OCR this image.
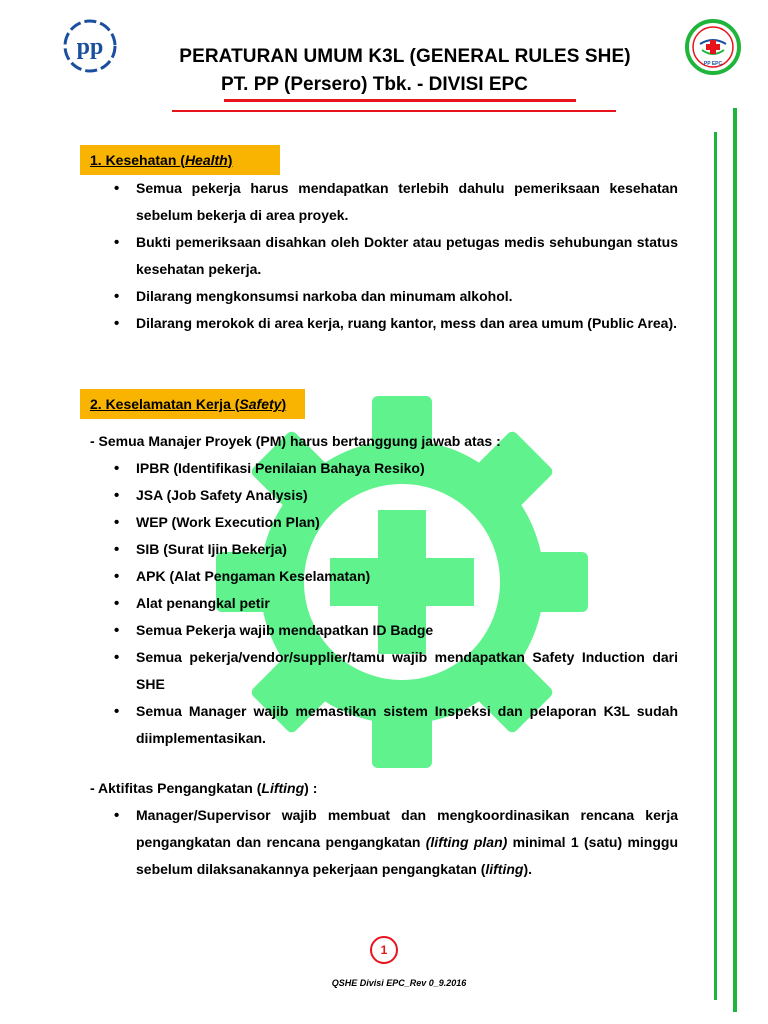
pp
PP EPC
PERATURAN UMUM K3L (GENERAL RULES SHE)
PT. PP (Persero) Tbk. - DIVISI EPC
1. Kesehatan (Health)
• Semua pekerja harus mendapatkan terlebih dahulu pemeriksaan kesehatan sebelum bekerja di area proyek.
• Bukti pemeriksaan disahkan oleh Dokter atau petugas medis sehubungan status kesehatan pekerja.
• Dilarang mengkonsumsi narkoba dan minumam alkohol.
• Dilarang merokok di area kerja, ruang kantor, mess dan area umum (Public Area).
2. Keselamatan Kerja (Safety)
- Semua Manajer Proyek (PM) harus bertanggung jawab atas :
• IPBR (Identifikasi Penilaian Bahaya Resiko)
• JSA (Job Safety Analysis)
• WEP (Work Execution Plan)
• SIB (Surat Ijin Bekerja)
• APK (Alat Pengaman Keselamatan)
• Alat penangkal petir
• Semua Pekerja wajib mendapatkan ID Badge
• Semua pekerja/vendor/supplier/tamu wajib mendapatkan Safety Induction dari SHE
• Semua Manager wajib memastikan sistem Inspeksi dan pelaporan K3L sudah diimplementasikan.
- Aktifitas Pengangkatan (Lifting) :
• Manager/Supervisor wajib membuat dan mengkoordinasikan rencana kerja pengangkatan dan rencana pengangkatan (lifting plan) minimal 1 (satu) minggu sebelum dilaksanakannya pekerjaan pengangkatan (lifting).
1
QSHE Divisi EPC_Rev 0_9.2016
